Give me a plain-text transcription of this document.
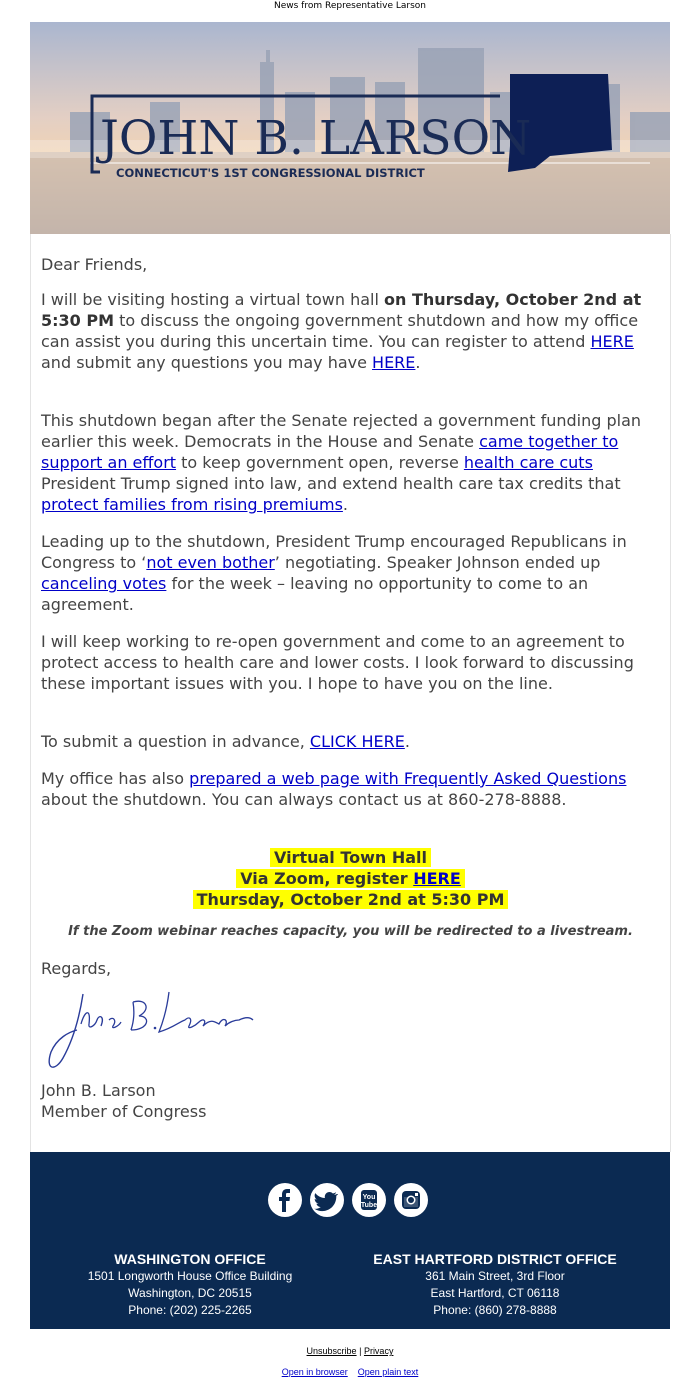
News from Representative Larson
JOHN B. LARSON
CONNECTICUT'S 1ST CONGRESSIONAL DISTRICT

Dear Friends,

I will be visiting hosting a virtual town hall on Thursday, October 2nd at 5:30 PM to discuss the ongoing government shutdown and how my office can assist you during this uncertain time. You can register to attend HERE and submit any questions you may have HERE.

This shutdown began after the Senate rejected a government funding plan earlier this week. Democrats in the House and Senate came together to support an effort to keep government open, reverse health care cuts President Trump signed into law, and extend health care tax credits that protect families from rising premiums.

Leading up to the shutdown, President Trump encouraged Republicans in Congress to ‘not even bother’ negotiating. Speaker Johnson ended up canceling votes for the week – leaving no opportunity to come to an agreement.

I will keep working to re-open government and come to an agreement to protect access to health care and lower costs. I look forward to discussing these important issues with you. I hope to have you on the line.

To submit a question in advance, CLICK HERE.

My office has also prepared a web page with Frequently Asked Questions about the shutdown. You can always contact us at 860-278-8888.

Virtual Town Hall
Via Zoom, register HERE
Thursday, October 2nd at 5:30 PM
If the Zoom webinar reaches capacity, you will be redirected to a livestream.

Regards,

John B. Larson

Member of Congress

You
Tube
WASHINGTON OFFICE
1501 Longworth House Office Building
Washington, DC 20515
Phone: (202) 225-2265
EAST HARTFORD DISTRICT OFFICE
361 Main Street, 3rd Floor
East Hartford, CT 06118
Phone: (860) 278-8888
Unsubscribe | Privacy
Open in browser Open plain text
